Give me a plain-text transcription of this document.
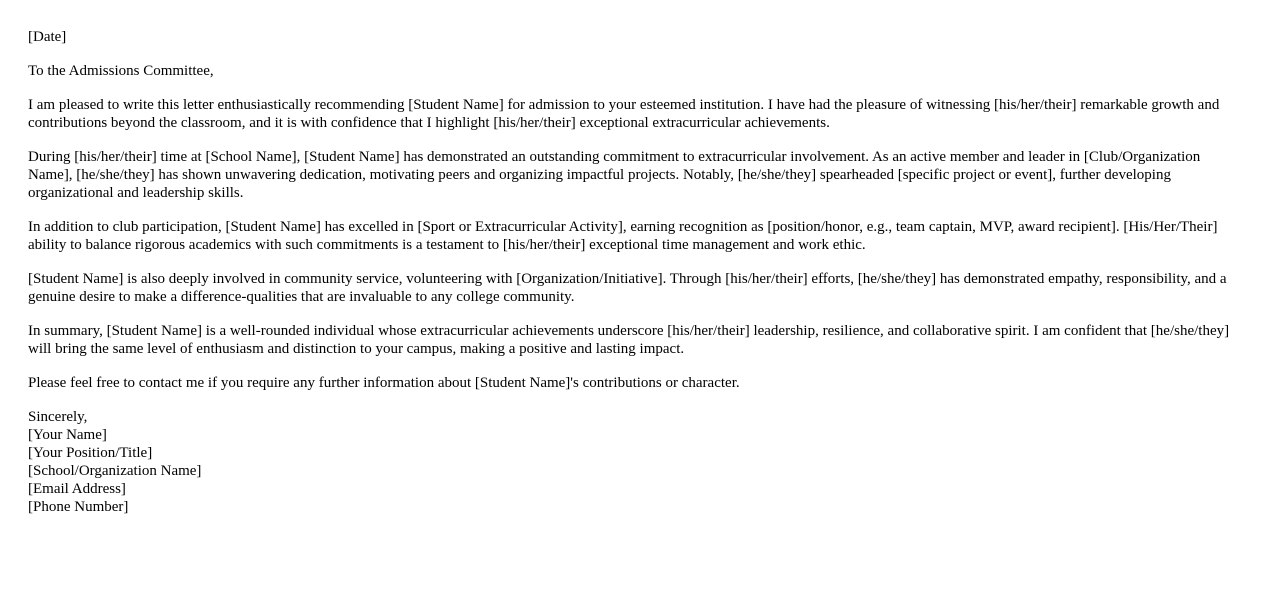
[Date]

To the Admissions Committee,

I am pleased to write this letter enthusiastically recommending [Student Name] for admission to your esteemed institution. I have had the pleasure of witnessing [his/her/their] remarkable growth and contributions beyond the classroom, and it is with confidence that I highlight [his/her/their] exceptional extracurricular achievements.

During [his/her/their] time at [School Name], [Student Name] has demonstrated an outstanding commitment to extracurricular involvement. As an active member and leader in [Club/Organization Name], [he/she/they] has shown unwavering dedication, motivating peers and organizing impactful projects. Notably, [he/she/they] spearheaded [specific project or event], further developing organizational and leadership skills.

In addition to club participation, [Student Name] has excelled in [Sport or Extracurricular Activity], earning recognition as [position/honor, e.g., team captain, MVP, award recipient]. [His/Her/Their] ability to balance rigorous academics with such commitments is a testament to [his/her/their] exceptional time management and work ethic.

[Student Name] is also deeply involved in community service, volunteering with [Organization/Initiative]. Through [his/her/their] efforts, [he/she/they] has demonstrated empathy, responsibility, and a genuine desire to make a difference-qualities that are invaluable to any college community.

In summary, [Student Name] is a well-rounded individual whose extracurricular achievements underscore [his/her/their] leadership, resilience, and collaborative spirit. I am confident that [he/she/they] will bring the same level of enthusiasm and distinction to your campus, making a positive and lasting impact.

Please feel free to contact me if you require any further information about [Student Name]'s contributions or character.

Sincerely,
[Your Name]
[Your Position/Title]
[School/Organization Name]
[Email Address]
[Phone Number]
